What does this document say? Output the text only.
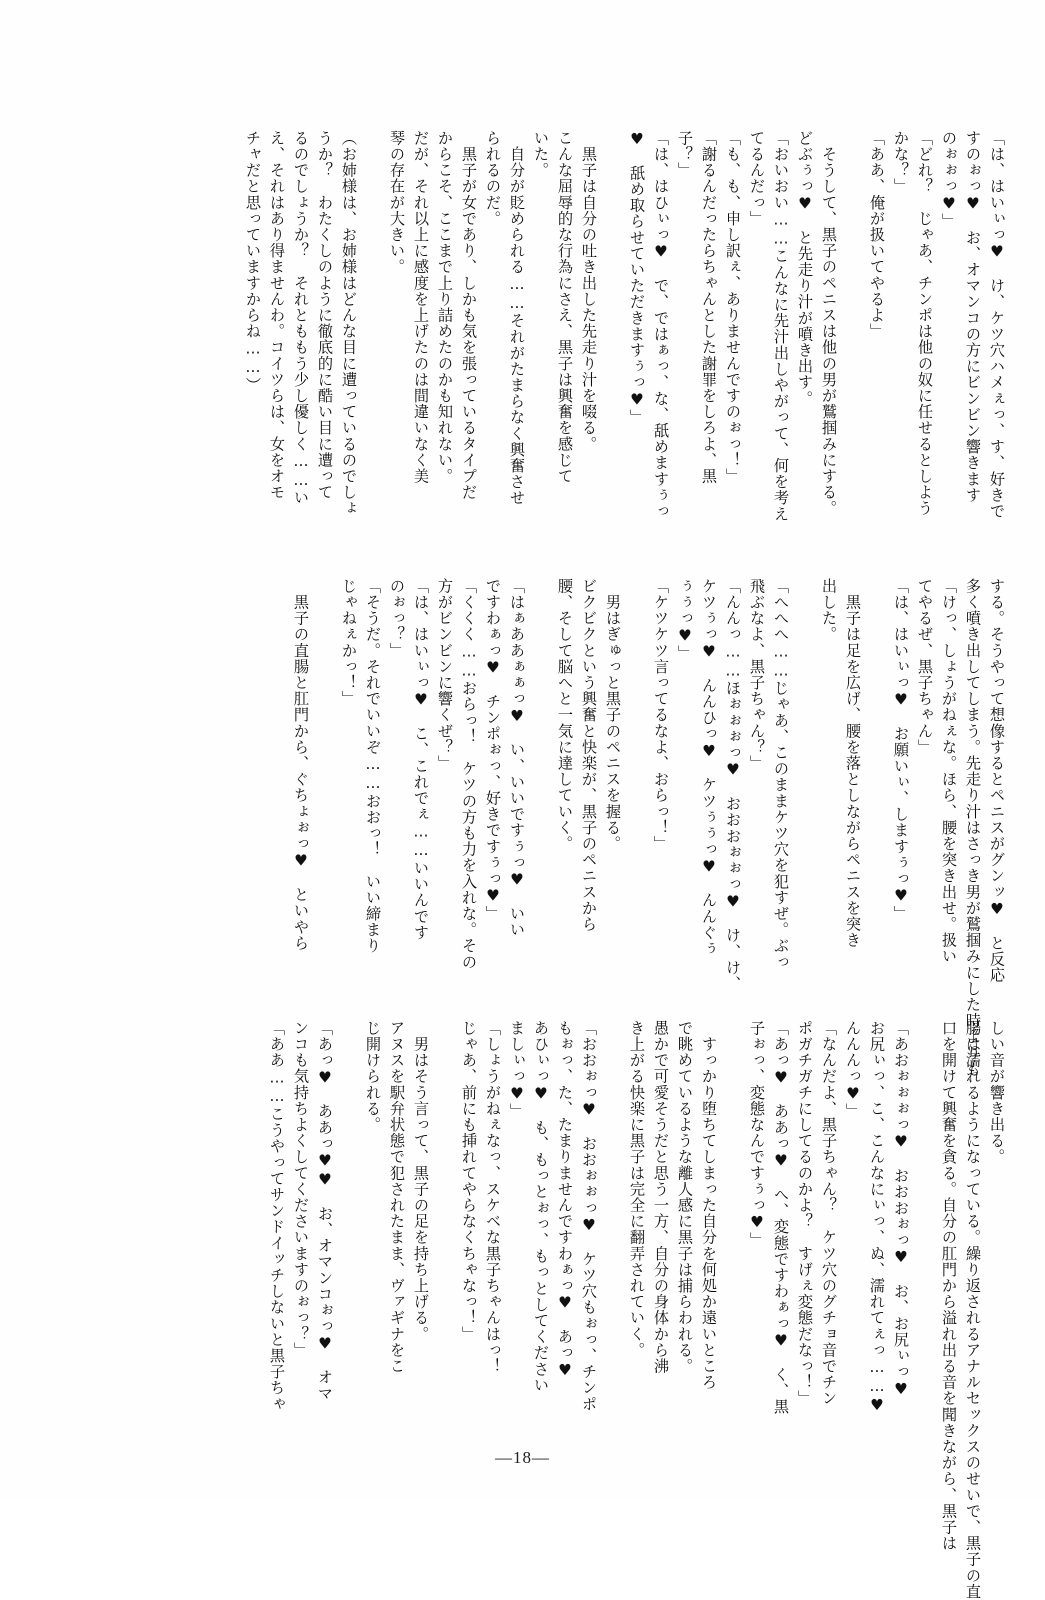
「は、はいぃっ♥　け、ケツ穴ハメぇっ、す、好きで
すのぉっ♥　お、オマンコの方にビンビン響きます
のぉぉっ♥」
「どれ？　じゃあ、チンポは他の奴に任せるとしよう
かな？」
「ああ、俺が扱いてやるよ」
　そうして、黒子のペニスは他の男が鷲掴みにする。
どぶぅっ♥　と先走り汁が噴き出す。
「おいおい……こんなに先汁出しやがって、何を考え
てるんだっ」
「も、も、申し訳ぇ、ありませんですのぉっ！」
「謝るんだったらちゃんとした謝罪をしろよ、黒
子？」
「は、はひぃっ♥　で、ではぁっ、な、舐めますぅっ
♥　舐め取らせていただきますぅっ♥」
　黒子は自分の吐き出した先走り汁を啜る。
こんな屈辱的な行為にさえ、黒子は興奮を感じて
いた。
　自分が貶められる……それがたまらなく興奮させ
られるのだ。
　黒子が女であり、しかも気を張っているタイプだ
からこそ、ここまで上り詰めたのかも知れない。
だが、それ以上に感度を上げたのは間違いなく美
琴の存在が大きい。
（お姉様は、お姉様はどんな目に遭っているのでしょ
うか？　わたくしのように徹底的に酷い目に遭って
るのでしょうか？　それとももう少し優しく……い
え、それはあり得ませんわ。コイツらは、女をオモ
チャだと思っていますからね……）
する。そうやって想像するとペニスがグンッ♥　と反応
多く噴き出してしまう。先走り汁はさっき男が鷲掴みにした時よりも
「けっ、しょうがねぇな。ほら、腰を突き出せ。扱い
てやるぜ、黒子ちゃん」
「は、はいぃっ♥　お願いぃ、しますぅっ♥」
　黒子は足を広げ、腰を落としながらペニスを突き
出した。
「へへへ……じゃあ、このままケツ穴を犯すぜ。ぶっ
飛ぶなよ、黒子ちゃん？」
「んんっ……ほぉぉぉっ♥　おおおぉぉっ♥　け、け、
ケツぅっ♥　んんひっ♥　ケツぅぅっ♥　んんぐぅ
ぅぅっ♥」
「ケツケツ言ってるなよ、おらっ！」
　男はぎゅっと黒子のペニスを握る。
ビクビクという興奮と快楽が、黒子のペニスから
腰、そして脳へと一気に達していく。
「はぁああぁぁっ♥　い、いいですぅっ♥　いい
ですわぁっ♥　チンポぉっ、好きですぅっ♥」
「くくく……おらっ！　ケツの方も力を入れな。その
方がビンビンに響くぜ？」
「は、はいぃっ♥　こ、これでぇ……いいんです
のぉっ？」
「そうだ。それでいいぞ……おおっ！　いい締まり
じゃねぇかっ！」
　黒子の直腸と肛門から、ぐちょぉっ♥　といやら
しい音が響き出る。
腸は濡れるようになっている。繰り返されるアナルセックスのせいで、黒子の直
口を開けて興奮を貪る。自分の肛門から溢れ出る音を聞きながら、黒子は
「あおぉぉぉっ♥　おおおぉっ♥　お、お尻ぃっ♥
お尻ぃっ、こ、こんなにぃっ、ぬ、濡れてぇっ……♥
んんんっ♥」
「なんだよ、黒子ちゃん？　ケツ穴のグチョ音でチン
ポガチガチにしてるのかよ？　すげぇ変態だなっ！」
「あっ♥　ああっ♥　へ、変態ですわぁっ♥　く、黒
子ぉっ、変態なんですぅっ♥」
　すっかり堕ちてしまった自分を何処か遠いところ
で眺めているような離人感に黒子は捕らわれる。
愚かで可愛そうだと思う一方、自分の身体から沸
き上がる快楽に黒子は完全に翻弄されていく。
「おおぉっ♥　おおぉぉっ♥　ケツ穴もぉっ、チンポ
もぉっ、た、たまりませんですわぁっ♥　あっ♥
あひぃっ♥　も、もっとぉっ、もっとしてください
ましぃっ♥」
「しょうがねぇなっ、スケベな黒子ちゃんはっ！
じゃあ、前にも挿れてやらなくちゃなっ！」
　男はそう言って、黒子の足を持ち上げる。
アヌスを駅弁状態で犯されたまま、ヴァギナをこ
じ開けられる。
「あっ♥　ああっ♥♥　お、オマンコぉっ♥　オマ
ンコも気持ちよくしてくださいますのぉっ？」
「ああ……こうやってサンドイッチしないと黒子ちゃ
—18—
